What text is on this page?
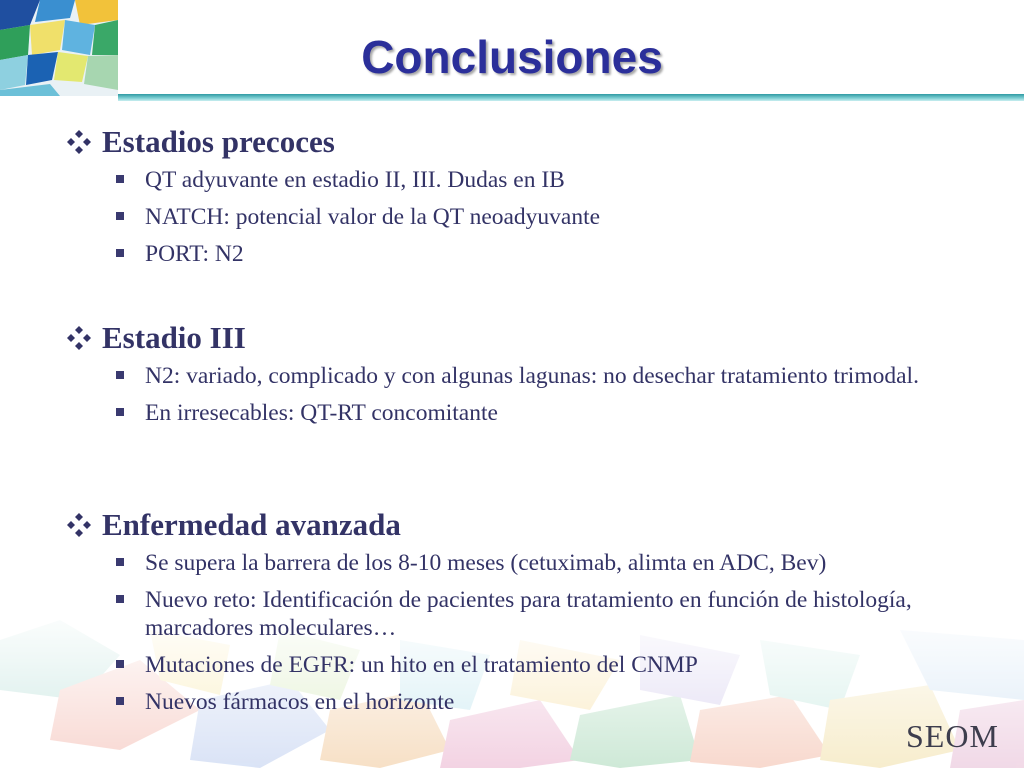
Conclusiones
Estadios precoces
QT adyuvante en estadio II, III. Dudas en IB
NATCH: potencial valor de la QT neoadyuvante
PORT: N2
Estadio III
N2: variado, complicado y con algunas lagunas: no desechar tratamiento trimodal.
En irresecables: QT-RT concomitante
Enfermedad avanzada
Se supera la barrera de los 8-10 meses (cetuximab, alimta en ADC, Bev)
Nuevo reto: Identificación de pacientes para tratamiento en función de histología, marcadores moleculares…
Mutaciones de EGFR: un hito en el tratamiento del CNMP
Nuevos fármacos en el horizonte
SEOM
